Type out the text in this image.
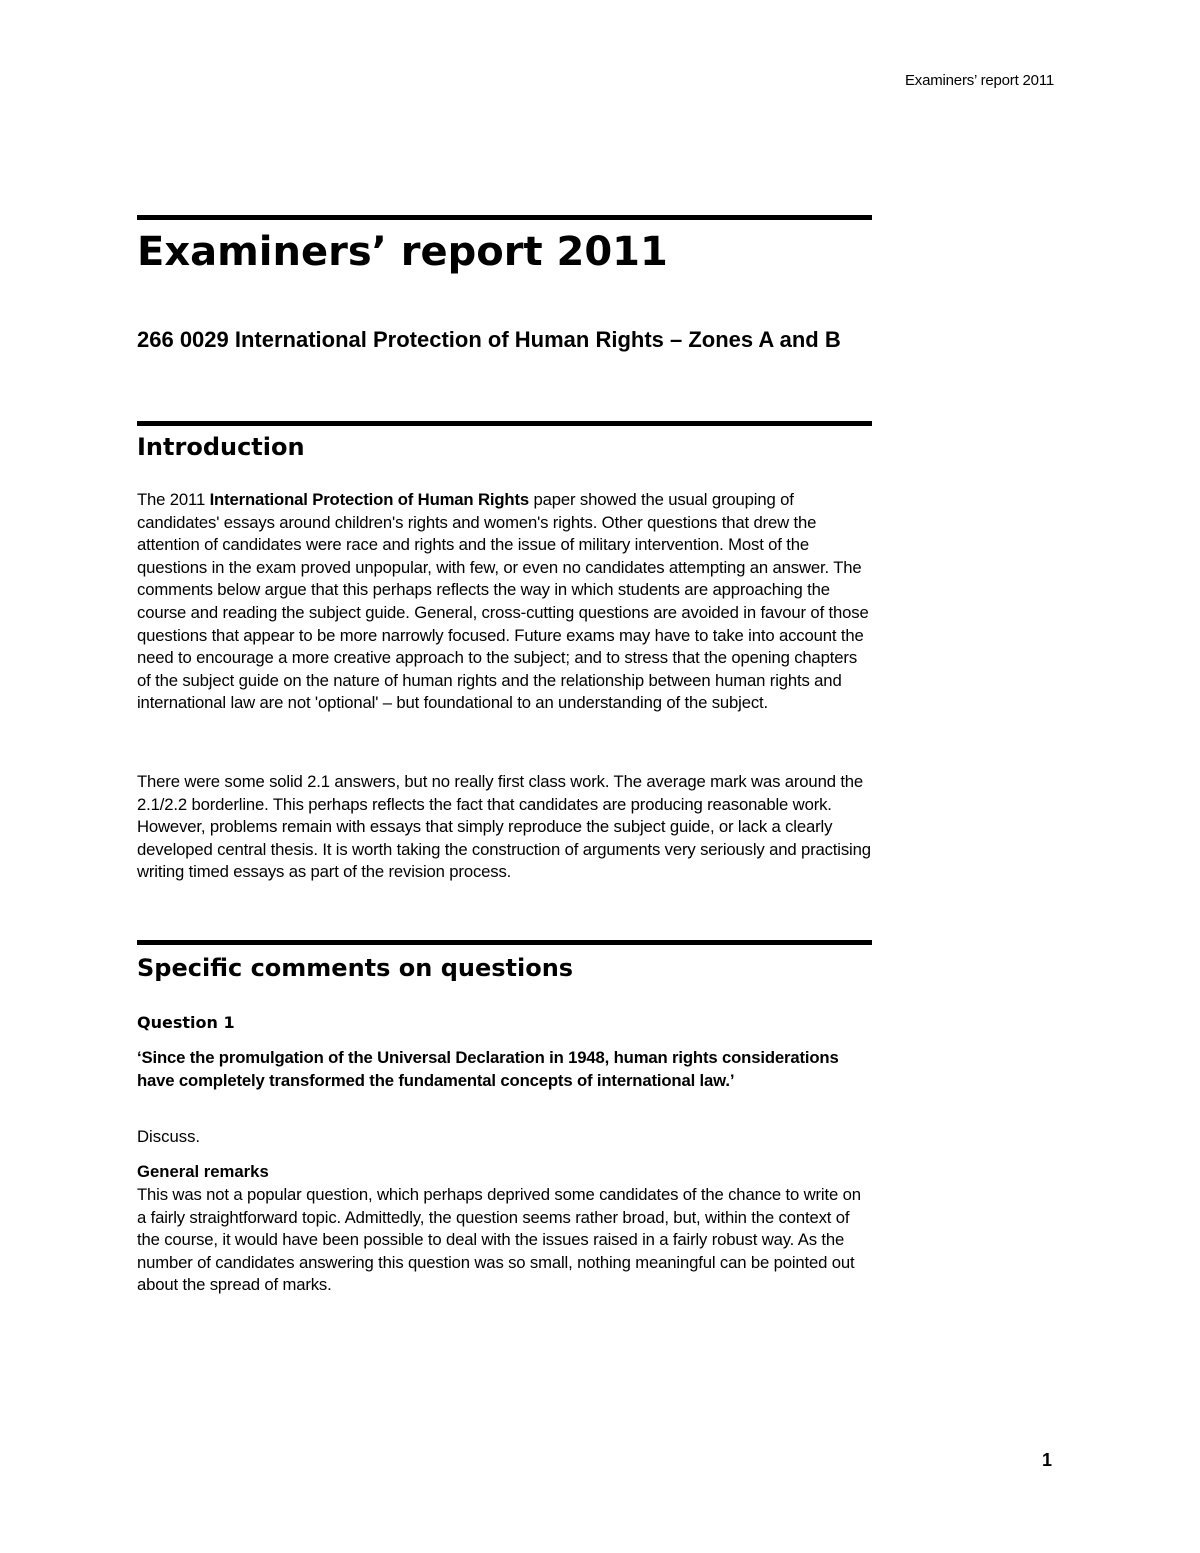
Examiners’ report 2011
Examiners’ report 2011
266 0029 International Protection of Human Rights – Zones A and B
Introduction

The 2011 International Protection of Human Rights paper showed the usual grouping of candidates' essays around children's rights and women's rights. Other questions that drew the attention of candidates were race and rights and the issue of military intervention. Most of the questions in the exam proved unpopular, with few, or even no candidates attempting an answer. The comments below argue that this perhaps reflects the way in which students are approaching the course and reading the subject guide. General, cross-cutting questions are avoided in favour of those questions that appear to be more narrowly focused. Future exams may have to take into account the need to encourage a more creative approach to the subject; and to stress that the opening chapters of the subject guide on the nature of human rights and the relationship between human rights and international law are not 'optional' – but foundational to an understanding of the subject.

There were some solid 2.1 answers, but no really first class work. The average mark was around the 2.1/2.2 borderline. This perhaps reflects the fact that candidates are producing reasonable work. However, problems remain with essays that simply reproduce the subject guide, or lack a clearly developed central thesis. It is worth taking the construction of arguments very seriously and practising writing timed essays as part of the revision process.

Specific comments on questions
Question 1

‘Since the promulgation of the Universal Declaration in 1948, human rights considerations have completely transformed the fundamental concepts of international law.’

Discuss.

General remarks

This was not a popular question, which perhaps deprived some candidates of the chance to write on a fairly straightforward topic. Admittedly, the question seems rather broad, but, within the context of the course, it would have been possible to deal with the issues raised in a fairly robust way. As the number of candidates answering this question was so small, nothing meaningful can be pointed out about the spread of marks.

1
